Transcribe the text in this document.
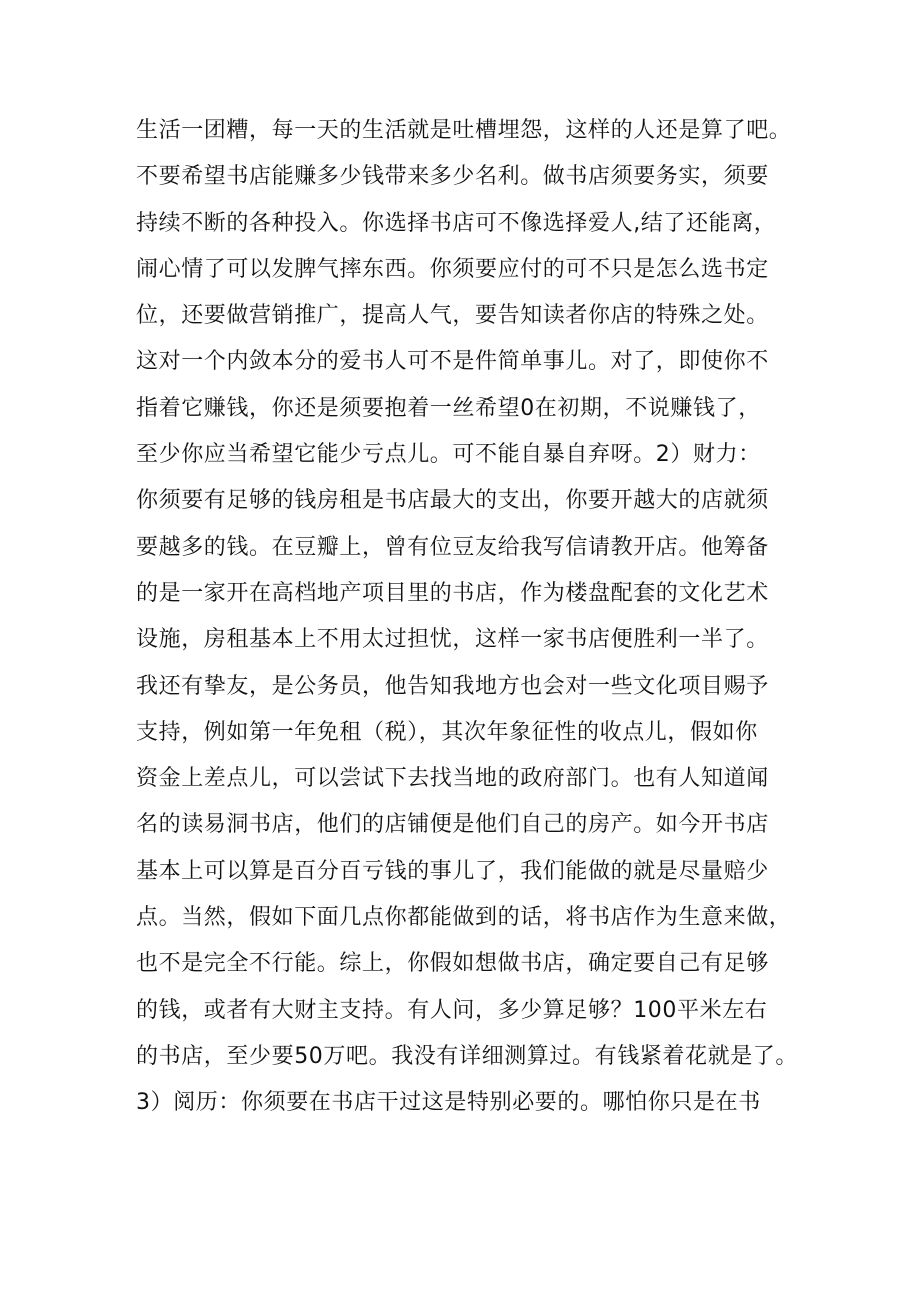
生活一团糟，每一天的生活就是吐槽埋怨，这样的人还是算了吧。
不要希望书店能赚多少钱带来多少名利。做书店须要务实，须要
持续不断的各种投入。你选择书店可不像选择爱人,结了还能离，
闹心情了可以发脾气摔东西。你须要应付的可不只是怎么选书定
位，还要做营销推广，提高人气，要告知读者你店的特殊之处。
这对一个内敛本分的爱书人可不是件简单事儿。对了，即使你不
指着它赚钱，你还是须要抱着一丝希望0在初期，不说赚钱了，
至少你应当希望它能少亏点儿。可不能自暴自弃呀。2）财力：
你须要有足够的钱房租是书店最大的支出，你要开越大的店就须
要越多的钱。在豆瓣上，曾有位豆友给我写信请教开店。他筹备
的是一家开在高档地产项目里的书店，作为楼盘配套的文化艺术
设施，房租基本上不用太过担忧，这样一家书店便胜利一半了。
我还有挚友，是公务员，他告知我地方也会对一些文化项目赐予
支持，例如第一年免租（税），其次年象征性的收点儿，假如你
资金上差点儿，可以尝试下去找当地的政府部门。也有人知道闻
名的读易洞书店，他们的店铺便是他们自己的房产。如今开书店
基本上可以算是百分百亏钱的事儿了，我们能做的就是尽量赔少
点。当然，假如下面几点你都能做到的话，将书店作为生意来做，
也不是完全不行能。综上，你假如想做书店，确定要自己有足够
的钱，或者有大财主支持。有人问，多少算足够？100平米左右
的书店，至少要50万吧。我没有详细测算过。有钱紧着花就是了。
3）阅历：你须要在书店干过这是特别必要的。哪怕你只是在书
